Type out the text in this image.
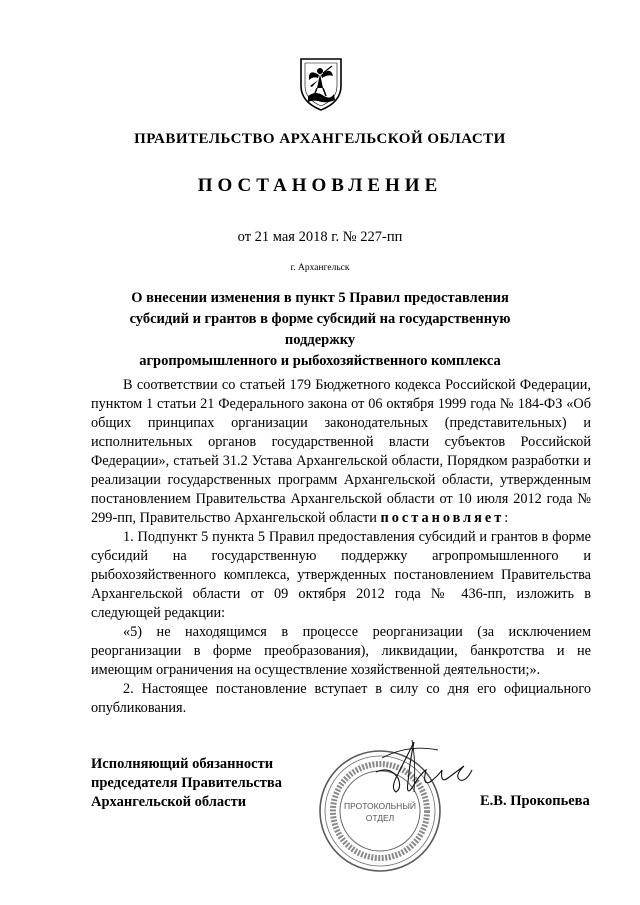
ПРАВИТЕЛЬСТВО АРХАНГЕЛЬСКОЙ ОБЛАСТИ
ПОСТАНОВЛЕНИЕ
от 21 мая 2018 г. № 227-пп
г. Архангельск
О внесении изменения в пункт 5 Правил предоставления
субсидий и грантов в форме субсидий на государственную поддержку
агропромышленного и рыбохозяйственного комплекса

В соответствии со статьей 179 Бюджетного кодекса Российской Федерации, пунктом 1 статьи 21 Федерального закона от 06 октября 1999 года № 184-ФЗ «Об общих принципах организации законодательных (представительных) и исполнительных органов государственной власти субъектов Российской Федерации», статьей 31.2 Устава Архангельской области, Порядком разработки и реализации государственных программ Архангельской области, утвержденным постановлением Правительства Архангельской области от 10 июля 2012 года № 299-пп, Правительство Архангельской области постановляет:

1. Подпункт 5 пункта 5 Правил предоставления субсидий и грантов в форме субсидий на государственную поддержку агропромышленного и рыбохозяйственного комплекса, утвержденных постановлением Правительства Архангельской области от 09 октября 2012 года № 436-пп, изложить в следующей редакции:

«5) не находящимся в процессе реорганизации (за исключением реорганизации в форме преобразования), ликвидации, банкротства и не имеющим ограничения на осуществление хозяйственной деятельности;».

2. Настоящее постановление вступает в силу со дня его официального опубликования.

ПРОТОКОЛЬНЫЙ
ОТДЕЛ
Исполняющий обязанности
председателя Правительства
Архангельской области	Е.В. Прокопьева
